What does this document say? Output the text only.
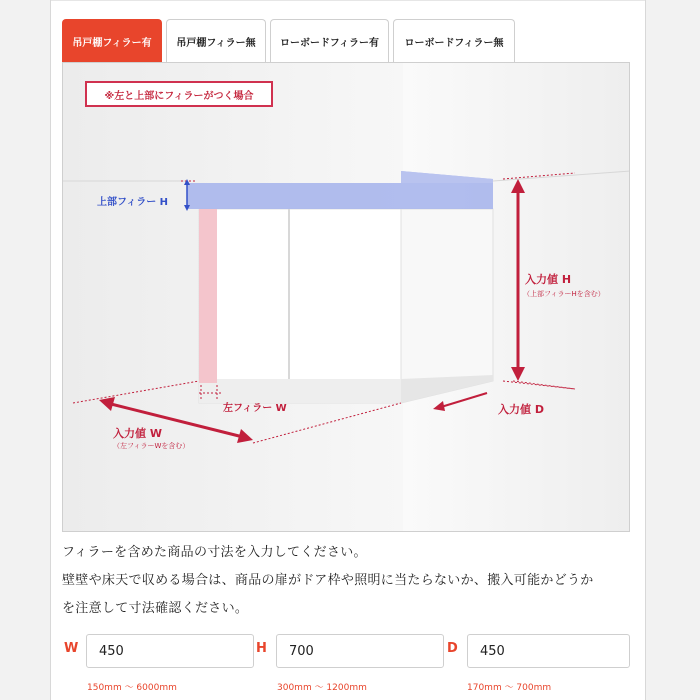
吊戸棚フィラー有	吊戸棚フィラー無	ローボードフィラー有	ローボードフィラー無
※左と上部にフィラーがつく場合
上部フィラー H
左フィラー W
入力値 H
（上部フィラーHを含む）
入力値 W
（左フィラーWを含む）
入力値 D
フィラーを含めた商品の寸法を入力してください。
壁壁や床天で収める場合は、商品の扉がドア枠や照明に当たらないか、搬入可能かどうか
を注意して寸法確認ください。
W
450
150mm 〜 6000mm
H
700
300mm 〜 1200mm
D
450
170mm 〜 700mm
